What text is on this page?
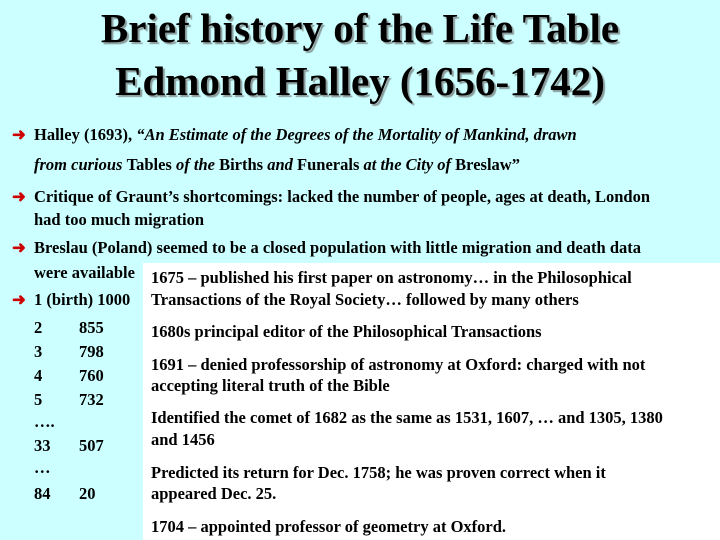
Brief history of the Life Table
Edmond Halley (1656-1742)
➜ Halley (1693), “An Estimate of the Degrees of the Mortality of Mankind, drawn
from curious Tables of the Births and Funerals at the City of Breslaw”
➜ Critique of Graunt’s shortcomings: lacked the number of people, ages at death, London
had too much migration
➜ Breslau (Poland) seemed to be a closed population with little migration and death data
were available
➜ 1 (birth) 1000
2 855
3 798
4 760
5 732
….
33 507
…
84 20
1675 – published his first paper on astronomy… in the Philosophical
Transactions of the Royal Society… followed by many others
1680s principal editor of the Philosophical Transactions
1691 – denied professorship of astronomy at Oxford: charged with not
accepting literal truth of the Bible
Identified the comet of 1682 as the same as 1531, 1607, … and 1305, 1380
and 1456
Predicted its return for Dec. 1758; he was proven correct when it
appeared Dec. 25.
1704 – appointed professor of geometry at Oxford.
